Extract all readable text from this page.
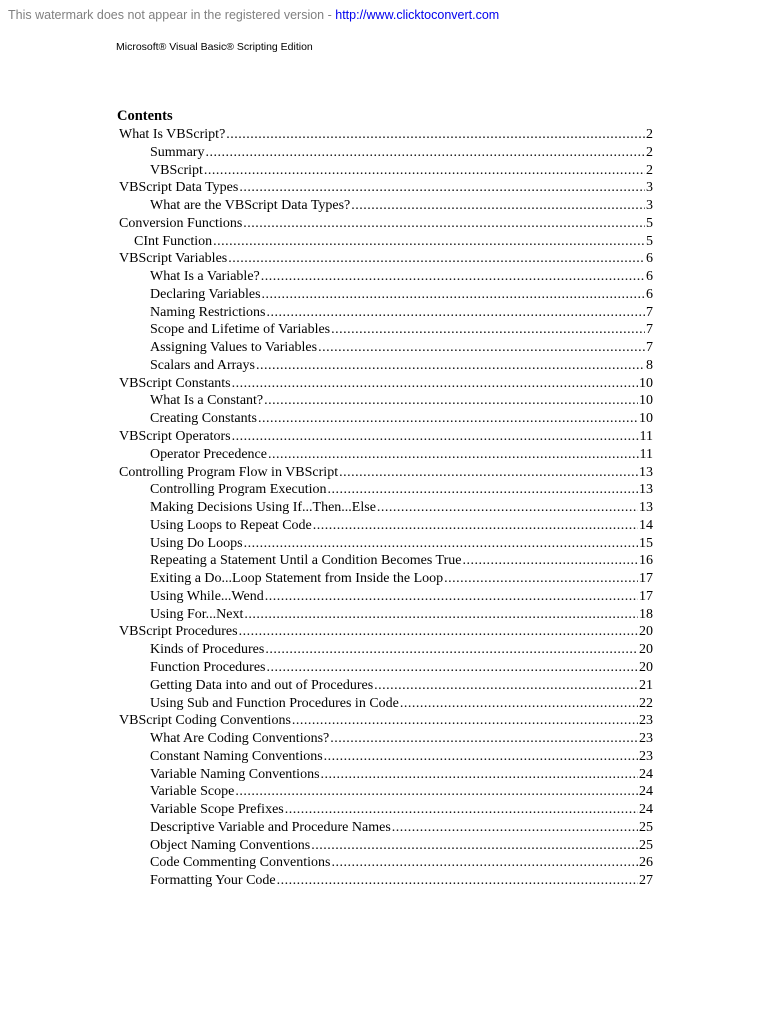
This watermark does not appear in the registered version - http://www.clicktoconvert.com
Microsoft® Visual Basic® Scripting Edition
Contents
What Is VBScript? .....	2
Summary .....	2
VBScript .....	2
VBScript Data Types .....	3
What are the VBScript Data Types? .....	3
Conversion Functions .....	5
CInt Function .....	5
VBScript Variables .....	6
What Is a Variable? .....	6
Declaring Variables .....	6
Naming Restrictions .....	7
Scope and Lifetime of Variables .....	7
Assigning Values to Variables .....	7
Scalars and Arrays .....	8
VBScript Constants .....	10
What Is a Constant? .....	10
Creating Constants .....	10
VBScript Operators .....	11
Operator Precedence .....	11
Controlling Program Flow in VBScript .....	13
Controlling Program Execution .....	13
Making Decisions Using If...Then...Else .....	13
Using Loops to Repeat Code .....	14
Using Do Loops .....	15
Repeating a Statement Until a Condition Becomes True .....	16
Exiting a Do...Loop Statement from Inside the Loop .....	17
Using While...Wend .....	17
Using For...Next .....	18
VBScript Procedures .....	20
Kinds of Procedures .....	20
Function Procedures .....	20
Getting Data into and out of Procedures .....	21
Using Sub and Function Procedures in Code .....	22
VBScript Coding Conventions .....	23
What Are Coding Conventions? .....	23
Constant Naming Conventions .....	23
Variable Naming Conventions .....	24
Variable Scope .....	24
Variable Scope Prefixes .....	24
Descriptive Variable and Procedure Names .....	25
Object Naming Conventions .....	25
Code Commenting Conventions .....	26
Formatting Your Code .....	27
